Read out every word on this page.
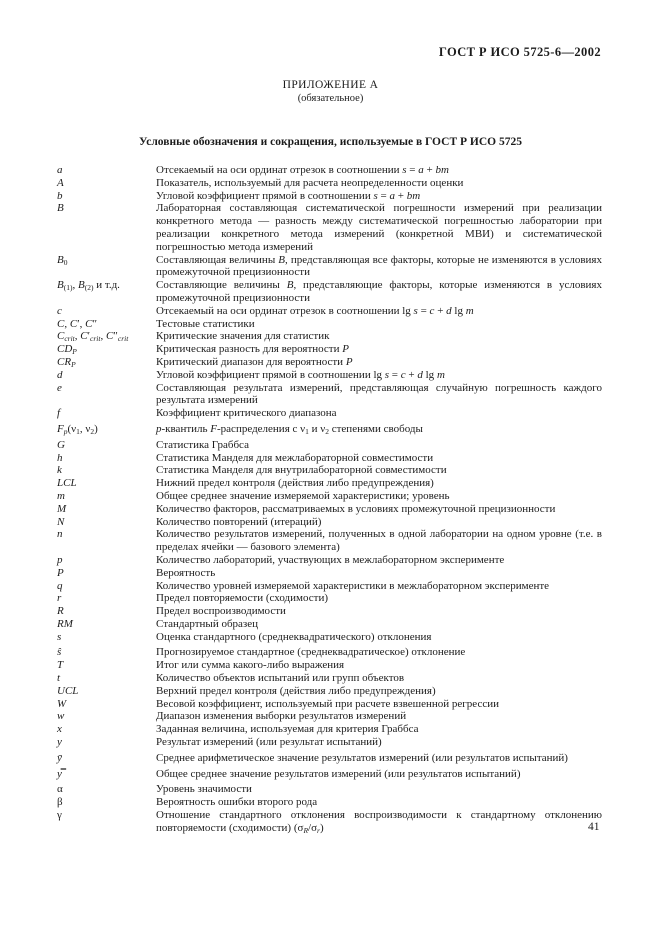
ГОСТ Р ИСО 5725-6—2002
ПРИЛОЖЕНИЕ А
(обязательное)
Условные обозначения и сокращения, используемые в ГОСТ Р ИСО 5725
a	Отсекаемый на оси ординат отрезок в соотношении s = a + bm
A	Показатель, используемый для расчета неопределенности оценки
b	Угловой коэффициент прямой в соотношении s = a + bm
B	Лабораторная составляющая систематической погрешности измерений при реализации конкретного метода — разность между систематической погрешностью лаборатории при реализации конкретного метода измерений (конкретной МВИ) и систематической погрешностью метода измерений
$B_0$	Составляющая величины B, представляющая все факторы, которые не изменяются в условиях промежуточной прецизионности
$B_{(1)}$, $B_{(2)}$ и т.д.	Составляющие величины B, представляющие факторы, которые изменяются в условиях промежуточной прецизионности
c	Отсекаемый на оси ординат отрезок в соотношении lg s = c + d lg m
C, C′, C″	Тестовые статистики
$C_{crit}$, $C'_{crit}$, $C''_{crit}$	Критические значения для статистик
$CD_P$	Критическая разность для вероятности P
$CR_P$	Критический диапазон для вероятности P
d	Угловой коэффициент прямой в соотношении lg s = c + d lg m
e	Составляющая результата измерений, представляющая случайную погрешность каждого результата измерений
f	Коэффициент критического диапазона
$F_p(\nu_1$, $\nu_2$)	p-квантиль F-распределения с $\nu_1$ и $\nu_2$ степенями свободы
G	Статистика Граббса
h	Статистика Манделя для межлабораторной совместимости
k	Статистика Манделя для внутрилабораторной совместимости
LCL	Нижний предел контроля (действия либо предупреждения)
m	Общее среднее значение измеряемой характеристики; уровень
M	Количество факторов, рассматриваемых в условиях промежуточной прецизионности
N	Количество повторений (итераций)
n	Количество результатов измерений, полученных в одной лаборатории на одном уровне (т.е. в пределах ячейки — базового элемента)
p	Количество лабораторий, участвующих в межлабораторном эксперименте
P	Вероятность
q	Количество уровней измеряемой характеристики в межлабораторном эксперименте
r	Предел повторяемости (сходимости)
R	Предел воспроизводимости
RM	Стандартный образец
s	Оценка стандартного (среднеквадратического) отклонения
ŝ	Прогнозируемое стандартное (среднеквадратическое) отклонение
T	Итог или сумма какого-либо выражения
t	Количество объектов испытаний или групп объектов
UCL	Верхний предел контроля (действия либо предупреждения)
W	Весовой коэффициент, используемый при расчете взвешенной регрессии
w	Диапазон изменения выборки результатов измерений
x	Заданная величина, используемая для критерия Граббса
y	Результат измерений (или результат испытаний)
ȳ	Среднее арифметическое значение результатов измерений (или результатов испытаний)
y̿	Общее среднее значение результатов измерений (или результатов испытаний)
α	Уровень значимости
β	Вероятность ошибки второго рода
γ	Отношение стандартного отклонения воспроизводимости к стандартному отклонению повторяемости (сходимости) $(\sigma_R/\sigma_r)$	41
